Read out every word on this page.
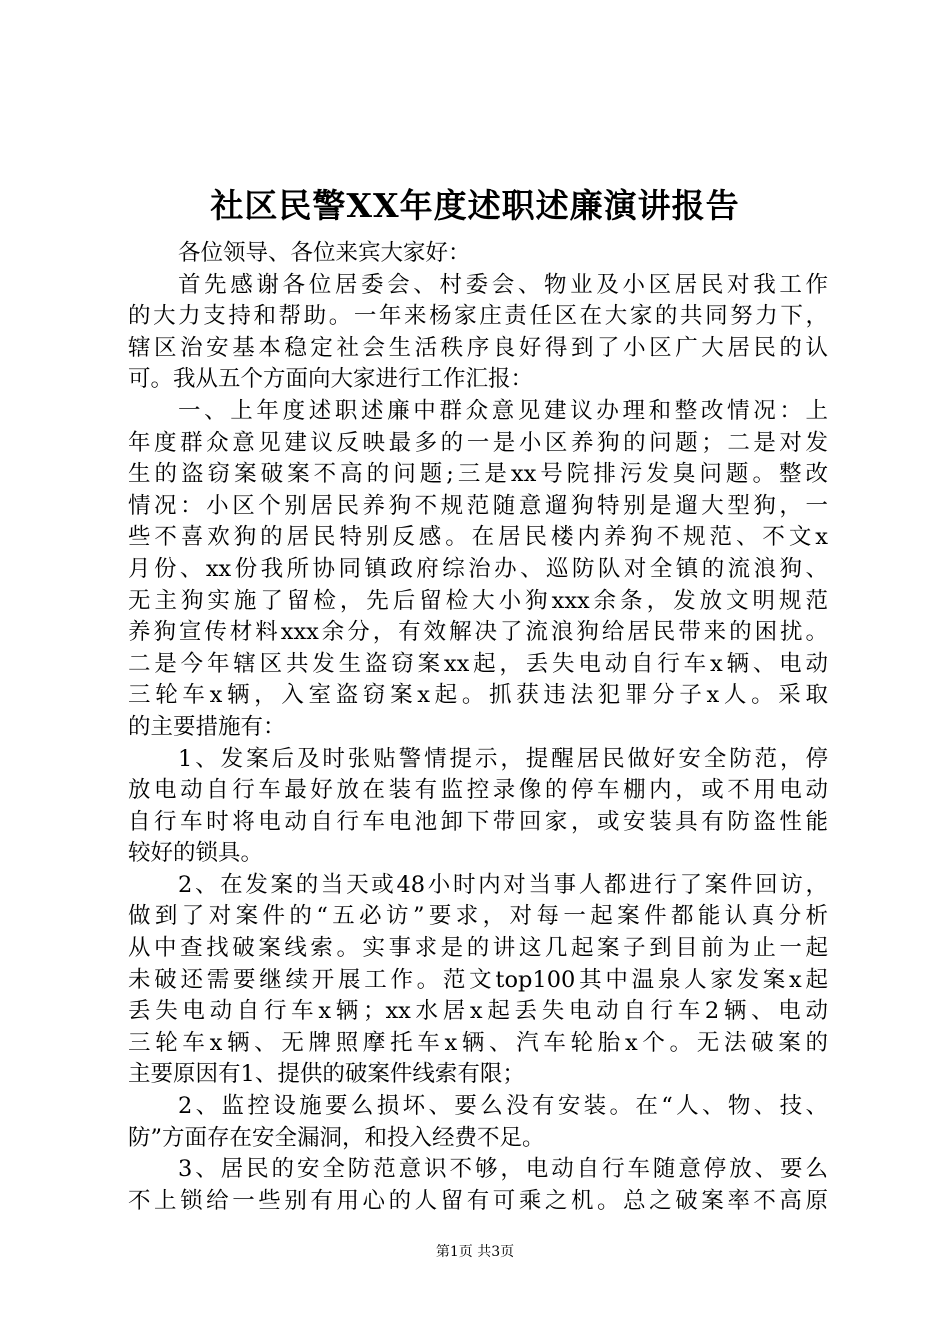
社区民警XX年度述职述廉演讲报告
各位领导、各位来宾大家好：
首先感谢各位居委会、村委会、物业及小区居民对我工作
的大力支持和帮助。一年来杨家庄责任区在大家的共同努力下，
辖区治安基本稳定社会生活秩序良好得到了小区广大居民的认
可。我从五个方面向大家进行工作汇报：
一、上年度述职述廉中群众意见建议办理和整改情况：上
年度群众意见建议反映最多的一是小区养狗的问题；二是对发
生的盗窃案破案不高的问题;三是xx号院排污发臭问题。整改
情况：小区个别居民养狗不规范随意遛狗特别是遛大型狗，一
些不喜欢狗的居民特别反感。在居民楼内养狗不规范、不文x
月份、xx份我所协同镇政府综治办、巡防队对全镇的流浪狗、
无主狗实施了留检，先后留检大小狗xxx余条，发放文明规范
养狗宣传材料xxx余分，有效解决了流浪狗给居民带来的困扰。
二是今年辖区共发生盗窃案xx起，丢失电动自行车x辆、电动
三轮车x辆，入室盗窃案x起。抓获违法犯罪分子x人。采取
的主要措施有：
1、发案后及时张贴警情提示，提醒居民做好安全防范，停
放电动自行车最好放在装有监控录像的停车棚内，或不用电动
自行车时将电动自行车电池卸下带回家，或安装具有防盗性能
较好的锁具。
2、在发案的当天或48小时内对当事人都进行了案件回访，
做到了对案件的“五必访”要求，对每一起案件都能认真分析
从中查找破案线索。实事求是的讲这几起案子到目前为止一起
未破还需要继续开展工作。范文top100其中温泉人家发案x起
丢失电动自行车x辆；xx水居x起丢失电动自行车2辆、电动
三轮车x辆、无牌照摩托车x辆、汽车轮胎x个。无法破案的
主要原因有1、提供的破案件线索有限；
2、监控设施要么损坏、要么没有安装。在“人、物、技、
防”方面存在安全漏洞，和投入经费不足。
3、居民的安全防范意识不够，电动自行车随意停放、要么
不上锁给一些别有用心的人留有可乘之机。总之破案率不高原
第1页 共3页
